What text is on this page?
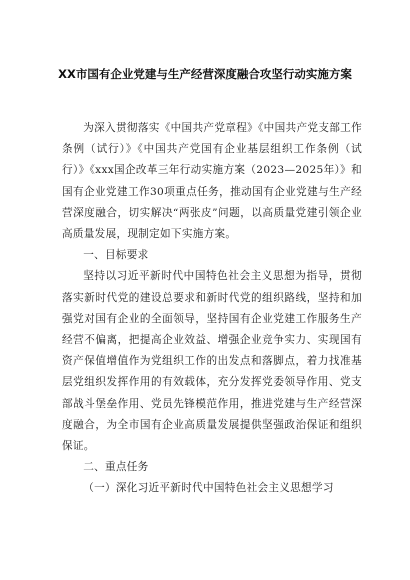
XX市国有企业党建与生产经营深度融合攻坚行动实施方案

为深入贯彻落实《中国共产党章程》《中国共产党支部工作条例（试行）》《中国共产党国有企业基层组织工作条例（试行）》《xxx国企改革三年行动实施方案（2023—2025年）》和国有企业党建工作30项重点任务，推动国有企业党建与生产经营深度融合，切实解决“两张皮”问题，以高质量党建引领企业高质量发展，现制定如下实施方案。

一、目标要求

坚持以习近平新时代中国特色社会主义思想为指导，贯彻落实新时代党的建设总要求和新时代党的组织路线，坚持和加强党对国有企业的全面领导，坚持国有企业党建工作服务生产经营不偏离，把提高企业效益、增强企业竞争实力、实现国有资产保值增值作为党组织工作的出发点和落脚点，着力找准基层党组织发挥作用的有效载体，充分发挥党委领导作用、党支部战斗堡垒作用、党员先锋模范作用，推进党建与生产经营深度融合，为全市国有企业高质量发展提供坚强政治保证和组织保证。

二、重点任务

（一）深化习近平新时代中国特色社会主义思想学习
